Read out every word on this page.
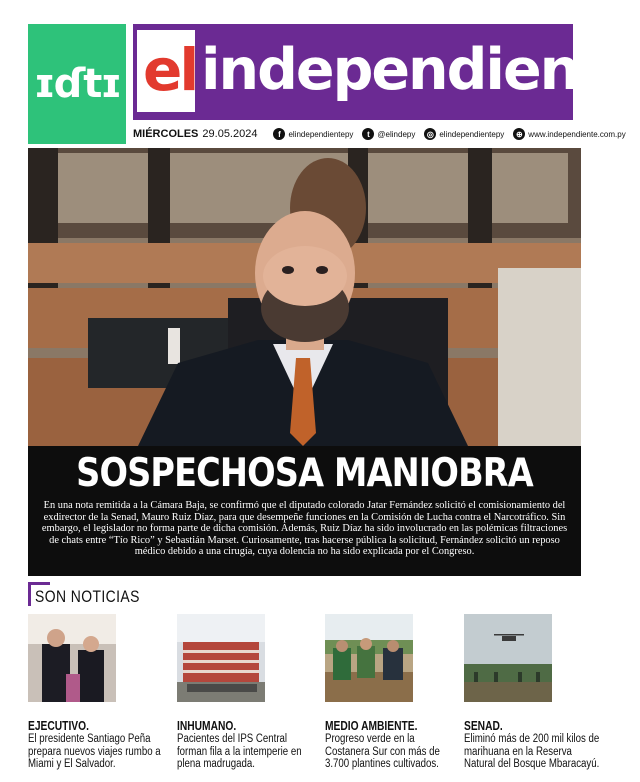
ɪɗtɪ el independiente
MIÉRCOLES 29.05.2024	f elindependientepy	t @elindepy	◎ elindependientepy	⊕ www.independiente.com.py
SOSPECHOSA MANIOBRA
En una nota remitida a la Cámara Baja, se confirmó que el diputado colorado Jatar Fernández solicitó el comisionamiento del exdirector de la Senad, Mauro Ruiz Díaz, para que desempeñe funciones en la Comisión de Lucha contra el Narcotráfico. Sin embargo, el legislador no forma parte de dicha comisión. Además, Ruiz Díaz ha sido involucrado en las polémicas filtraciones de chats entre “Tío Rico” y Sebastián Marset. Curiosamente, tras hacerse pública la solicitud, Fernández solicitó un reposo médico debido a una cirugía, cuya dolencia no ha sido explicada por el Congreso.
SON NOTICIAS
EJECUTIVO.
El presidente Santiago Peña prepara nuevos viajes rumbo a Miami y El Salvador.
INHUMANO.
Pacientes del IPS Central forman fila a la intemperie en plena madrugada.
MEDIO AMBIENTE.
Progreso verde en la Costanera Sur con más de 3.700 plantines cultivados.
SENAD.
Eliminó más de 200 mil kilos de marihuana en la Reserva Natural del Bosque Mbaracayú.
